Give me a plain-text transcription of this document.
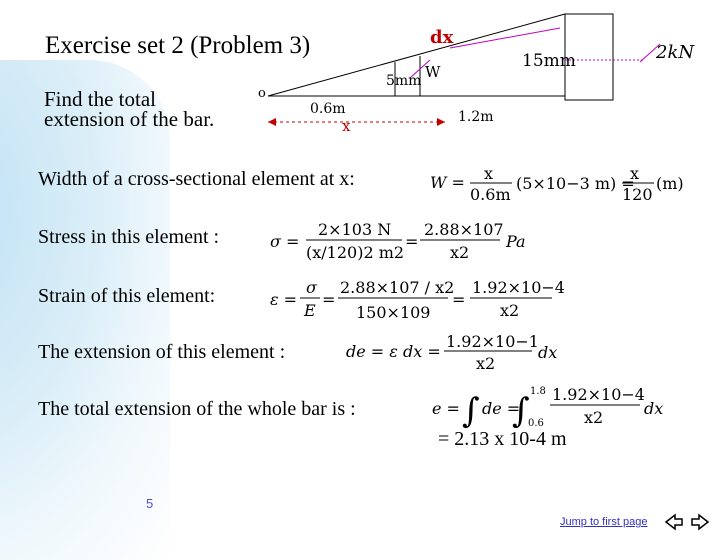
Exercise set 2 (Problem 3)
Find the total
extension of the bar.
o
0.6m
x	1.2m
5mm W
dx
15mm	2kN
Width of a cross-sectional element at x:
Stress in this element :
Strain of this element:
The extension of this element :
The total extension of the whole bar is :
= 2.13 x 10-4 m
W = x
0.6m
(5×10−3 m) =
x
120
(m)
σ =
2×103 N
(x/120)2 m2
=
2.88×107
x2
Pa
ε =
σ
E
=
2.88×107 / x2
150×109
=
1.92×10−4
x2
de = ε dx =
1.92×10−1
x2
dx
e = ∫ de =
∫ 1.8
0.6
1.92×10−4
x2	dx
5
Jump to first page
